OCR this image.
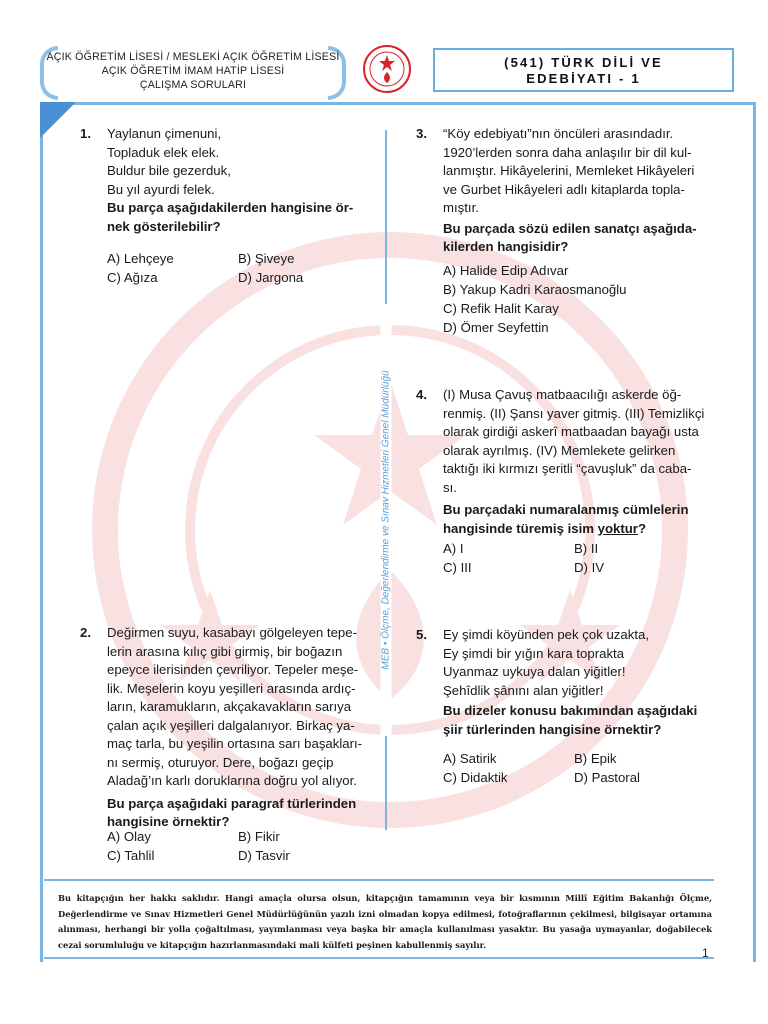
AÇIK ÖĞRETİM LİSESİ / MESLEKİ AÇIK ÖĞRETİM LİSESİ
AÇIK ÖĞRETİM İMAM HATİP LİSESİ
ÇALIŞMA SORULARI
(541) TÜRK DİLİ VE
EDEBİYATI - 1
MEB • Ölçme, Değerlendirme ve Sınav Hizmetleri Genel Müdürlüğü
1. Yaylanun çimenuni,
Topladuk elek elek.
Buldur bile gezerduk,
Bu yıl ayurdi felek.
Bu parça aşağıdakilerden hangisine ör-
nek gösterilebilir?
A) Lehçeye	B) Şiveye
C) Ağıza	D) Jargona
2. Değirmen suyu, kasabayı gölgeleyen tepe-
lerin arasına kılıç gibi girmiş, bir boğazın
epeyce ilerisinden çevriliyor. Tepeler meşe-
lik. Meşelerin koyu yeşilleri arasında ardıç-
ların, karamukların, akçakavakların sarıya
çalan açık yeşilleri dalgalanıyor. Birkaç ya-
maç tarla, bu yeşilin ortasına sarı başakları-
nı sermiş, oturuyor. Dere, boğazı geçip
Aladağ’ın karlı doruklarına doğru yol alıyor.
Bu parça aşağıdaki paragraf türlerinden
hangisine örnektir?
A) Olay	B) Fikir
C) Tahlil	D) Tasvir
3. “Köy edebiyatı”nın öncüleri arasındadır.
1920’lerden sonra daha anlaşılır bir dil kul-
lanmıştır. Hikâyelerini, Memleket Hikâyeleri
ve Gurbet Hikâyeleri adlı kitaplarda topla-
mıştır.
Bu parçada sözü edilen sanatçı aşağıda-
kilerden hangisidir?
A) Halide Edip Adıvar
B) Yakup Kadri Karaosmanoğlu
C) Refik Halit Karay
D) Ömer Seyfettin
4. (I) Musa Çavuş matbaacılığı askerde öğ-
renmiş. (II) Şansı yaver gitmiş. (III) Temizlikçi
olarak girdiği askerî matbaadan bayağı usta
olarak ayrılmış. (IV) Memlekete gelirken
taktığı iki kırmızı şeritli “çavuşluk” da caba-
sı.
Bu parçadaki numaralanmış cümlelerin
hangisinde türemiş isim yoktur?
A) I	B) II
C) III	D) IV
5. Ey şimdi köyünden pek çok uzakta,
Ey şimdi bir yığın kara toprakta
Uyanmaz uykuya dalan yiğitler!
Şehîdlik şânını alan yiğitler!
Bu dizeler konusu bakımından aşağıdaki
şiir türlerinden hangisine örnektir?
A) Satirik	B) Epik
C) Didaktik	D) Pastoral
Bu kitapçığın her hakkı saklıdır. Hangi amaçla olursa olsun, kitapçığın tamamının veya bir kısmının Millî Eğitim Bakanlığı Ölçme, Değerlendirme ve Sınav Hizmetleri Genel Müdürlüğünün yazılı izni olmadan kopya edilmesi, fotoğraflarının çekilmesi, bilgisayar ortamına alınması, herhangi bir yolla çoğaltılması, yayımlanması veya başka bir amaçla kullanılması yasaktır. Bu yasağa uymayanlar, doğabilecek cezai sorumluluğu ve kitapçığın hazırlanmasındaki mali külfeti peşinen kabullenmiş sayılır.
1
